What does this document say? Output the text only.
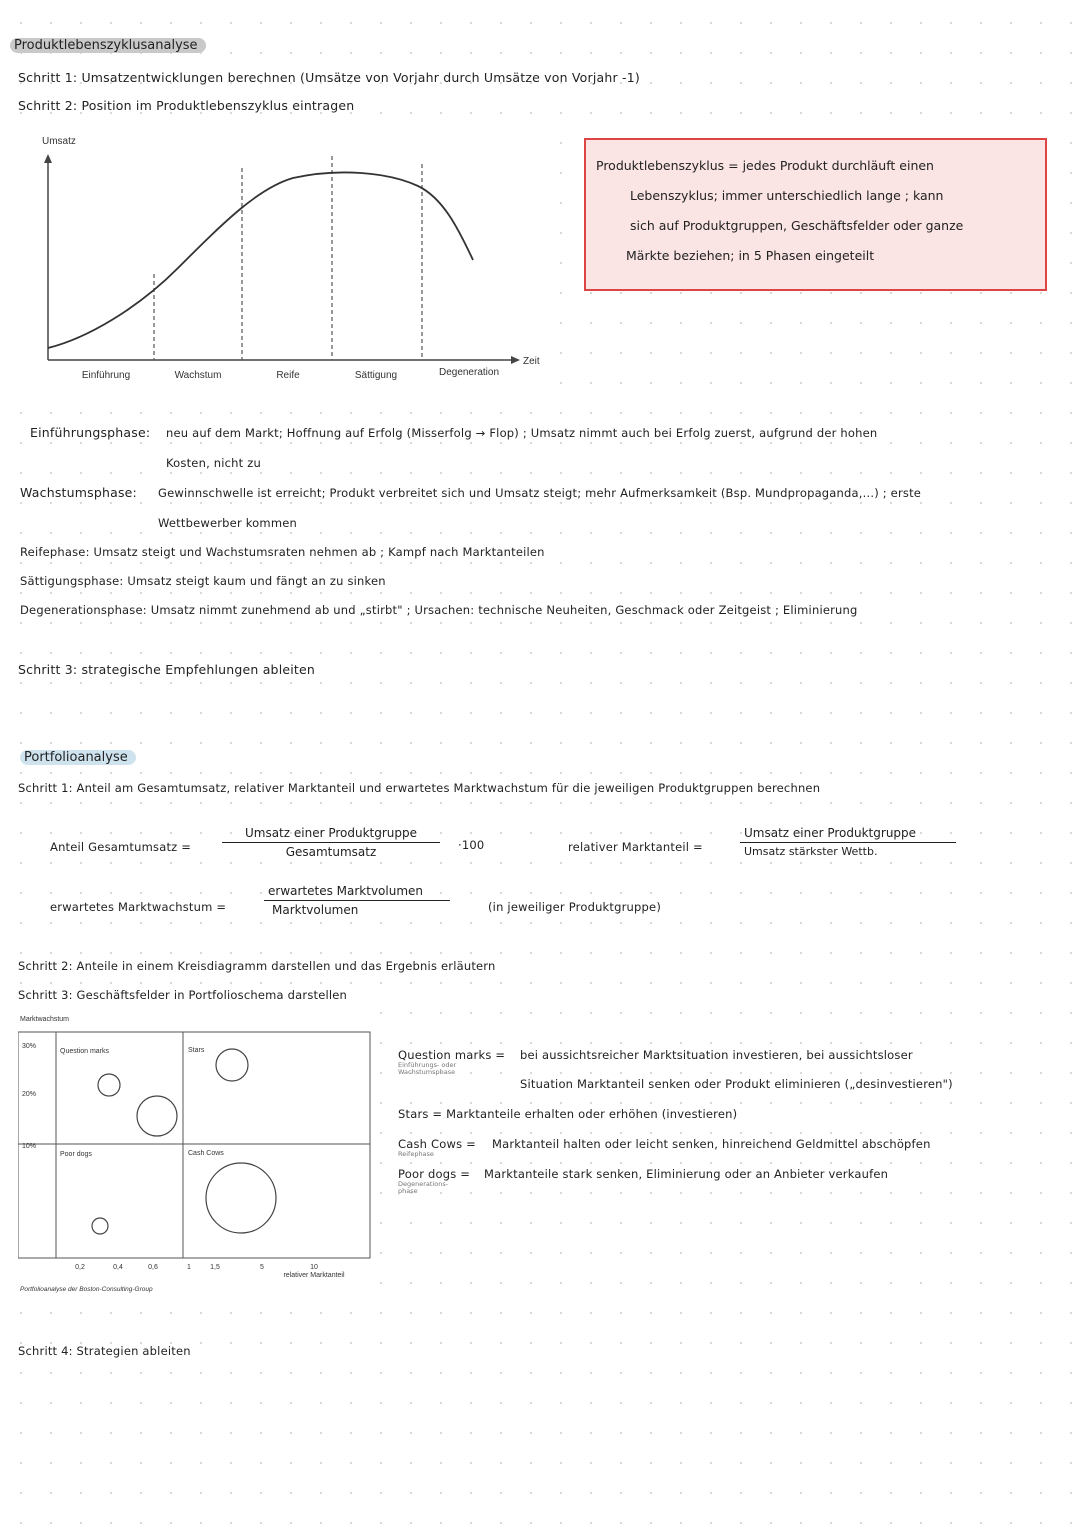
Produktlebenszyklusanalyse
Schritt 1: Umsatzentwicklungen berechnen (Umsätze von Vorjahr durch Umsätze von Vorjahr -1)
Schritt 2: Position im Produktlebenszyklus eintragen
Umsatz
Zeit
Einführung	Wachstum	Reife	Sättigung	Degeneration
Produktlebenszyklus = jedes Produkt durchläuft einen
Lebenszyklus; immer unterschiedlich lange ; kann
sich auf Produktgruppen, Geschäftsfelder oder ganze
Märkte beziehen; in 5 Phasen eingeteilt
Einführungsphase: neu auf dem Markt; Hoffnung auf Erfolg (Misserfolg → Flop) ; Umsatz nimmt auch bei Erfolg zuerst, aufgrund der hohen
Kosten, nicht zu
Wachstumsphase: Gewinnschwelle ist erreicht; Produkt verbreitet sich und Umsatz steigt; mehr Aufmerksamkeit (Bsp. Mundpropaganda,...) ; erste
Wettbewerber kommen
Reifephase: Umsatz steigt und Wachstumsraten nehmen ab ; Kampf nach Marktanteilen
Sättigungsphase: Umsatz steigt kaum und fängt an zu sinken
Degenerationsphase: Umsatz nimmt zunehmend ab und „stirbt" ; Ursachen: technische Neuheiten, Geschmack oder Zeitgeist ; Eliminierung
Schritt 3: strategische Empfehlungen ableiten
Portfolioanalyse
Schritt 1: Anteil am Gesamtumsatz, relativer Marktanteil und erwartetes Marktwachstum für die jeweiligen Produktgruppen berechnen
Anteil Gesamtumsatz =
Umsatz einer Produktgruppe
Gesamtumsatz	·100	relativer Marktanteil =
Umsatz einer Produktgruppe
Umsatz stärkster Wettb.
erwartetes Marktwachstum =
erwartetes Marktvolumen
Marktvolumen	(in jeweiliger Produktgruppe)
Schritt 2: Anteile in einem Kreisdiagramm darstellen und das Ergebnis erläutern
Schritt 3: Geschäftsfelder in Portfolioschema darstellen
Marktwachstum
30%
20%
10%
Question marks	Stars
Poor dogs	Cash Cows
0,2	0,4	0,6	1	1,5	5	10
relativer Marktanteil
Portfolioanalyse der Boston-Consulting-Group
Question marks = bei aussichtsreicher Marktsituation investieren, bei aussichtsloser
Einführungs- oder Wachstumsphase
Situation Marktanteil senken oder Produkt eliminieren („desinvestieren")
Stars = Marktanteile erhalten oder erhöhen (investieren)
Cash Cows = Marktanteil halten oder leicht senken, hinreichend Geldmittel abschöpfen
Reifephase
Poor dogs = Marktanteile stark senken, Eliminierung oder an Anbieter verkaufen
Degenerations- phase
Schritt 4: Strategien ableiten
